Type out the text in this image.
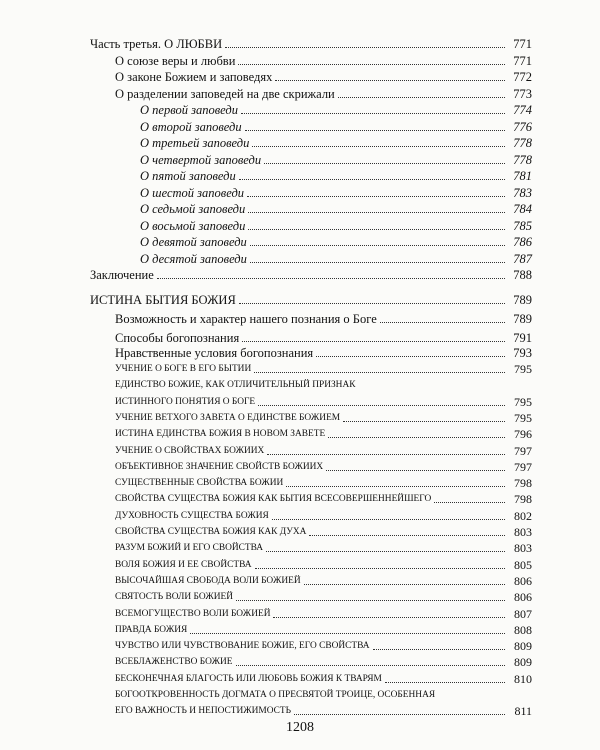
Часть третья. О ЛЮБВИ	771
О союзе веры и любви	771
О законе Божием и заповедях	772
О разделении заповедей на две скрижали	773
О первой заповеди	774
О второй заповеди	776
О третьей заповеди	778
О четвертой заповеди	778
О пятой заповеди	781
О шестой заповеди	783
О седьмой заповеди	784
О восьмой заповеди	785
О девятой заповеди	786
О десятой заповеди	787
Заключение	788
ИСТИНА БЫТИЯ БОЖИЯ	789
Возможность и характер нашего познания о Боге	789
Способы богопознания	791
Нравственные условия богопознания	793
УЧЕНИЕ О БОГЕ В ЕГО БЫТИИ	795
ЕДИНСТВО БОЖИЕ, КАК ОТЛИЧИТЕЛЬНЫЙ ПРИЗНАК
ИСТИННОГО ПОНЯТИЯ О БОГЕ	795
УЧЕНИЕ ВЕТХОГО ЗАВЕТА О ЕДИНСТВЕ БОЖИЕМ	795
ИСТИНА ЕДИНСТВА БОЖИЯ В НОВОМ ЗАВЕТЕ	796
УЧЕНИЕ О СВОЙСТВАХ БОЖИИХ	797
ОБЪЕКТИВНОЕ ЗНАЧЕНИЕ СВОЙСТВ БОЖИИХ	797
СУЩЕСТВЕННЫЕ СВОЙСТВА БОЖИИ	798
СВОЙСТВА СУЩЕСТВА БОЖИЯ КАК БЫТИЯ ВСЕСОВЕРШЕННЕЙШЕГО	798
ДУХОВНОСТЬ СУЩЕСТВА БОЖИЯ	802
СВОЙСТВА СУЩЕСТВА БОЖИЯ КАК ДУХА	803
РАЗУМ БОЖИЙ И ЕГО СВОЙСТВА	803
ВОЛЯ БОЖИЯ И ЕЕ СВОЙСТВА	805
ВЫСОЧАЙШАЯ СВОБОДА ВОЛИ БОЖИЕЙ	806
СВЯТОСТЬ ВОЛИ БОЖИЕЙ	806
ВСЕМОГУЩЕСТВО ВОЛИ БОЖИЕЙ	807
ПРАВДА БОЖИЯ	808
ЧУВСТВО ИЛИ ЧУВСТВОВАНИЕ БОЖИЕ, ЕГО СВОЙСТВА	809
ВСЕБЛАЖЕНСТВО БОЖИЕ	809
БЕСКОНЕЧНАЯ БЛАГОСТЬ ИЛИ ЛЮБОВЬ БОЖИЯ К ТВАРЯМ	810
БОГООТКРОВЕННОСТЬ ДОГМАТА О ПРЕСВЯТОЙ ТРОИЦЕ, ОСОБЕННАЯ
ЕГО ВАЖНОСТЬ И НЕПОСТИЖИМОСТЬ	811
1208
